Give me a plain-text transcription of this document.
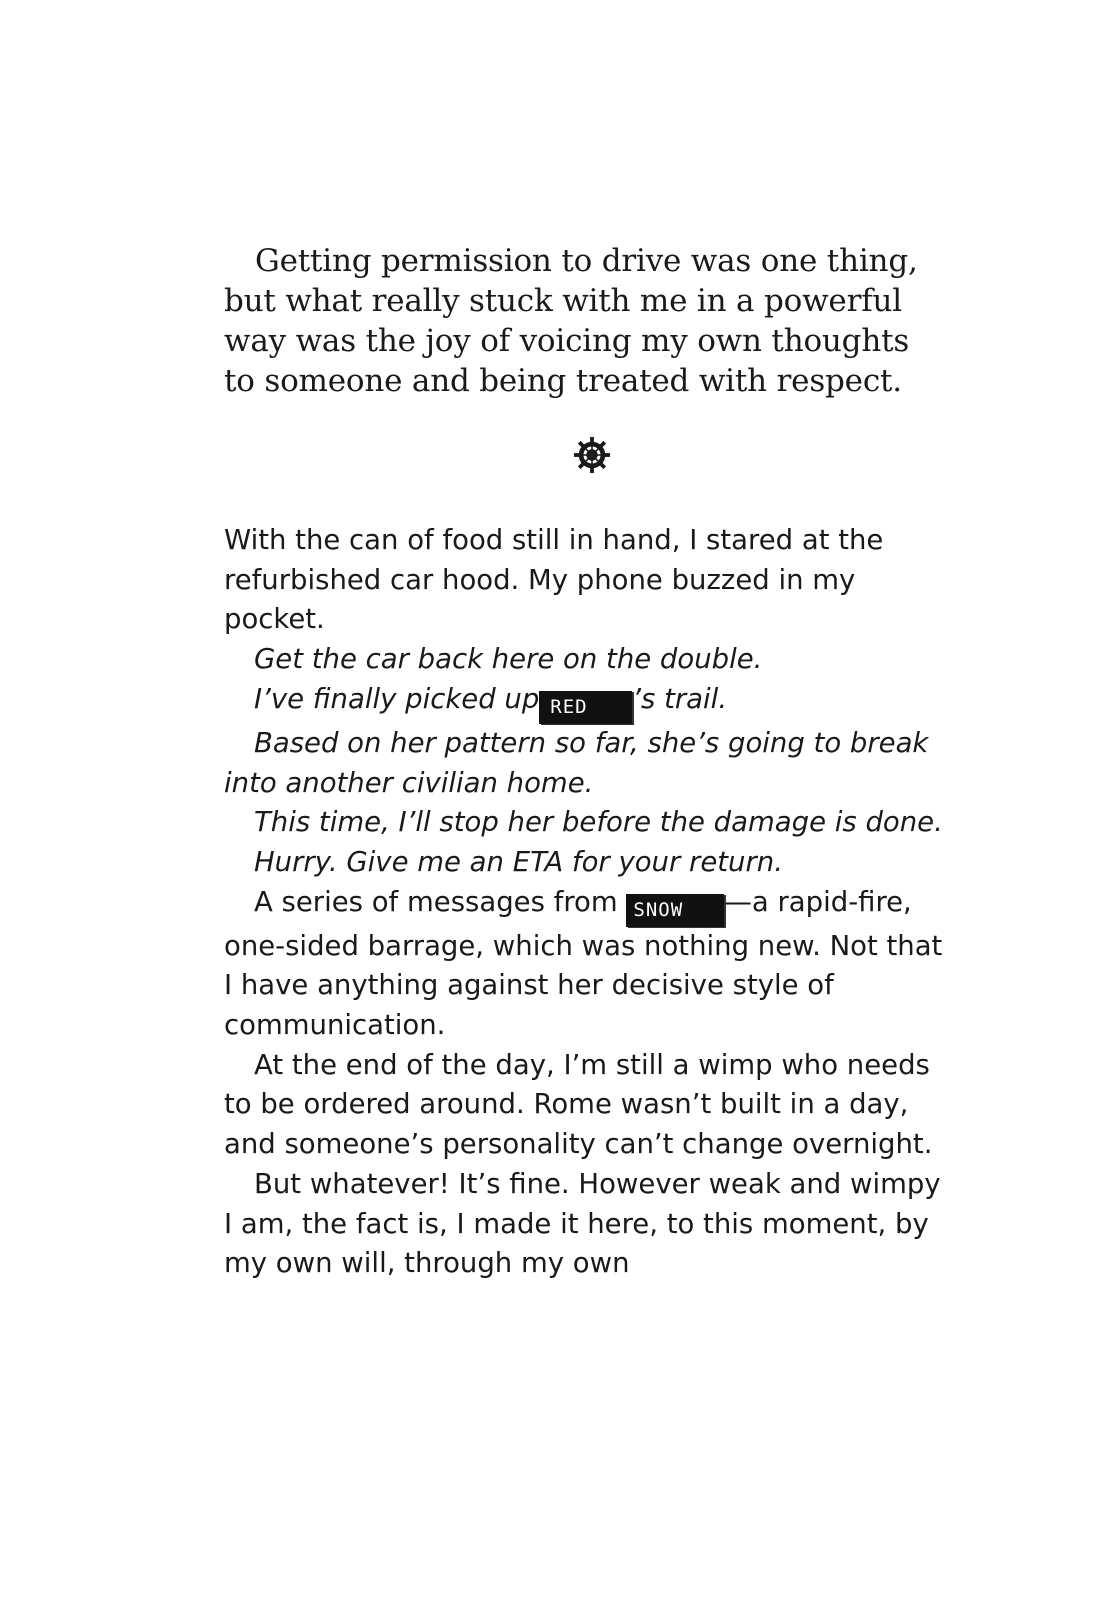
Getting permission to drive was one thing, but what really stuck with me in a powerful way was the joy of voicing my own thoughts to someone and being treated with respect.

With the can of food still in hand, I stared at the refurbished car hood. My phone buzzed in my pocket.

Get the car back here on the double.

I’ve finally picked up RED ’s trail.

Based on her pattern so far, she’s going to break into another civilian home.

This time, I’ll stop her before the damage is done.

Hurry. Give me an ETA for your return.

A series of messages from SNOW —a rapid-fire, one-sided barrage, which was nothing new. Not that I have anything against her decisive style of communication.

At the end of the day, I’m still a wimp who needs to be ordered around. Rome wasn’t built in a day, and someone’s personality can’t change overnight.

But whatever! It’s fine. However weak and wimpy I am, the fact is, I made it here, to this moment, by my own will, through my own
